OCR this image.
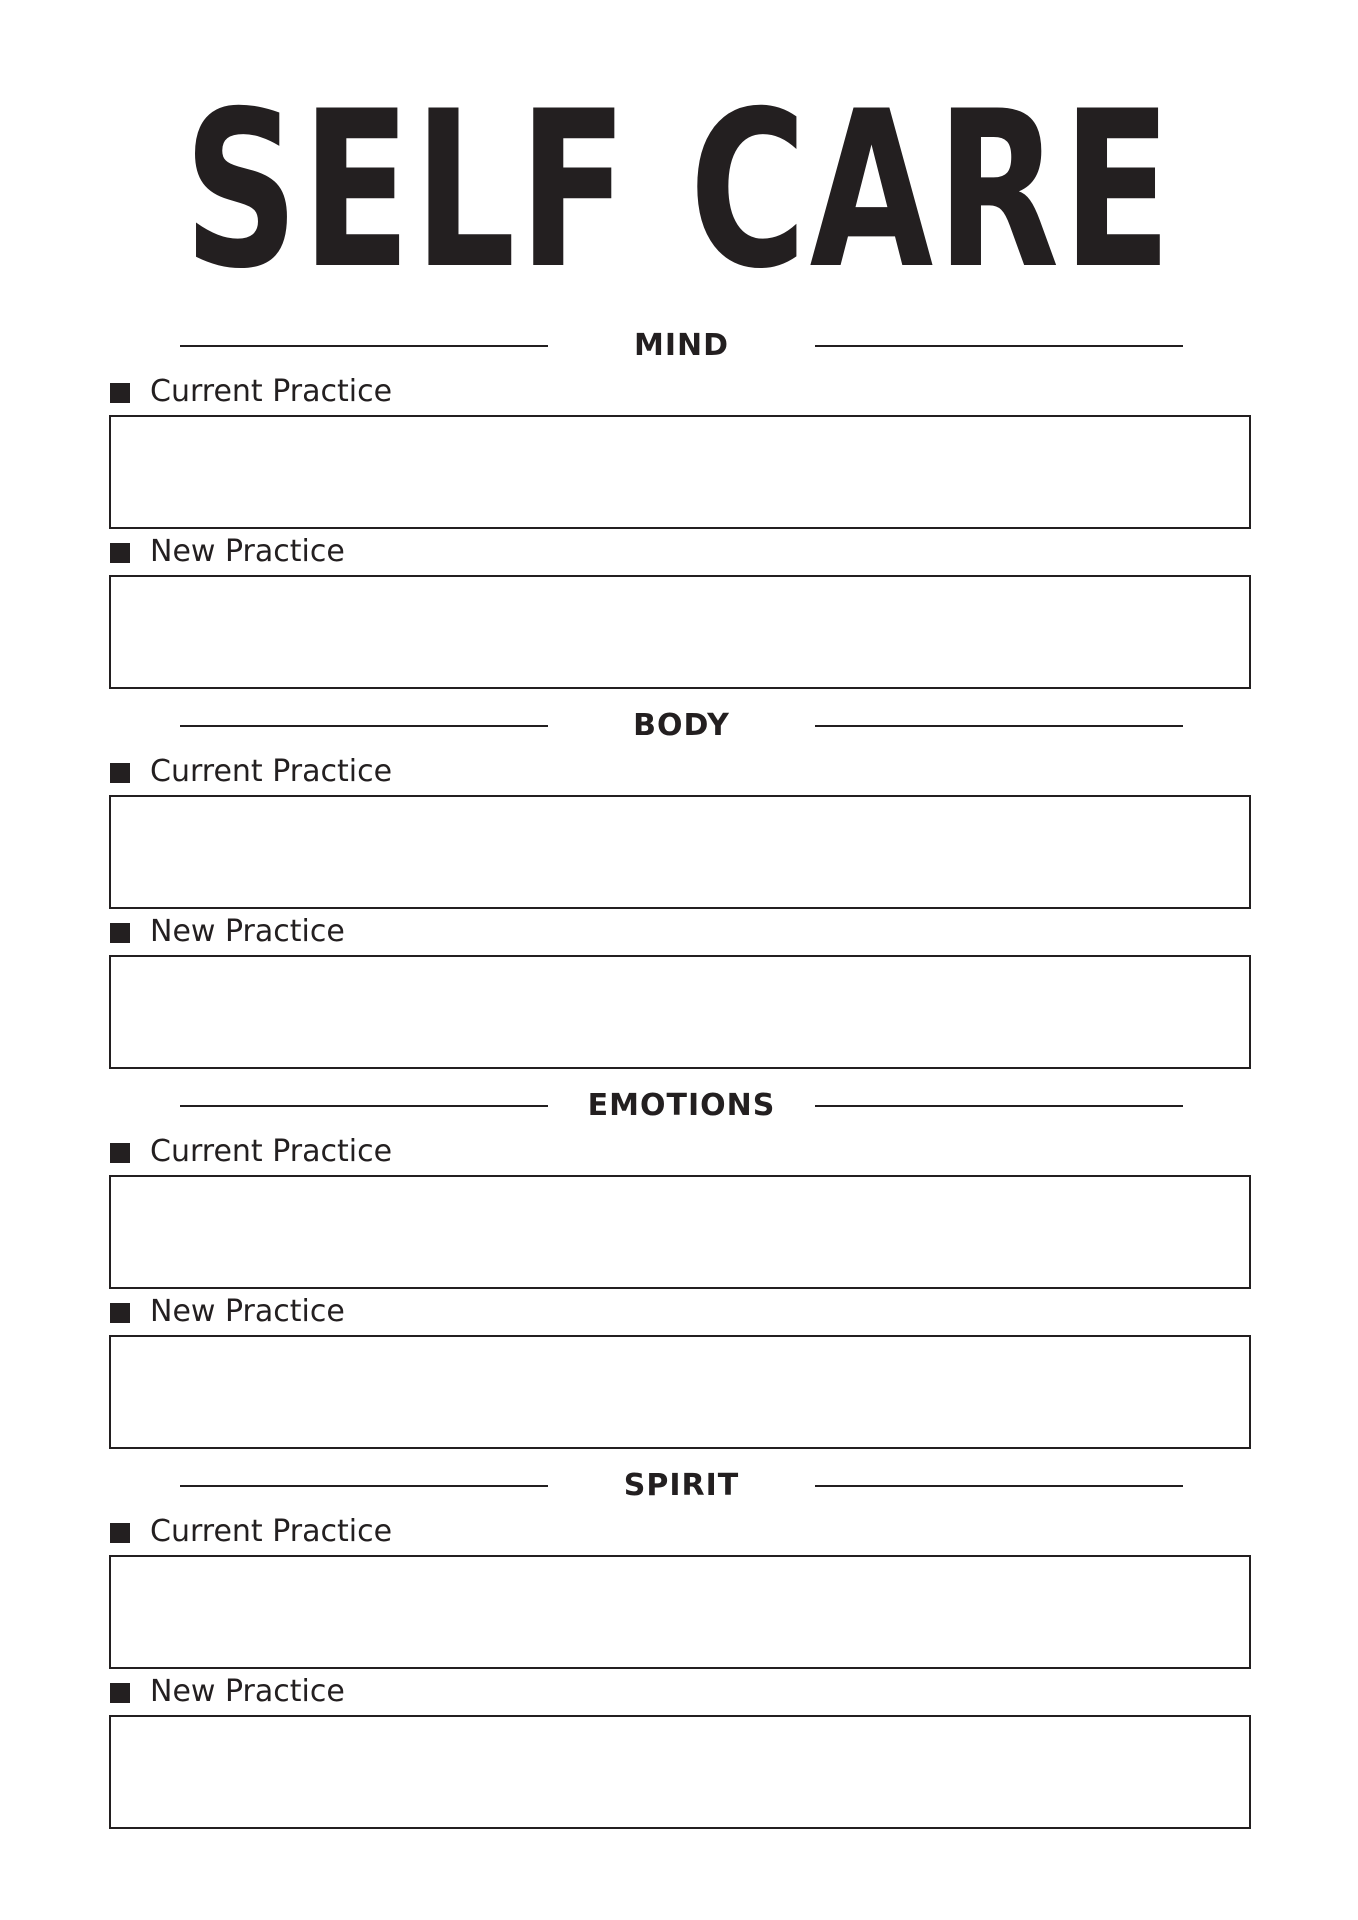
SELF CARE
MIND
Current Practice
New Practice
BODY
Current Practice
New Practice
EMOTIONS
Current Practice
New Practice
SPIRIT
Current Practice
New Practice
